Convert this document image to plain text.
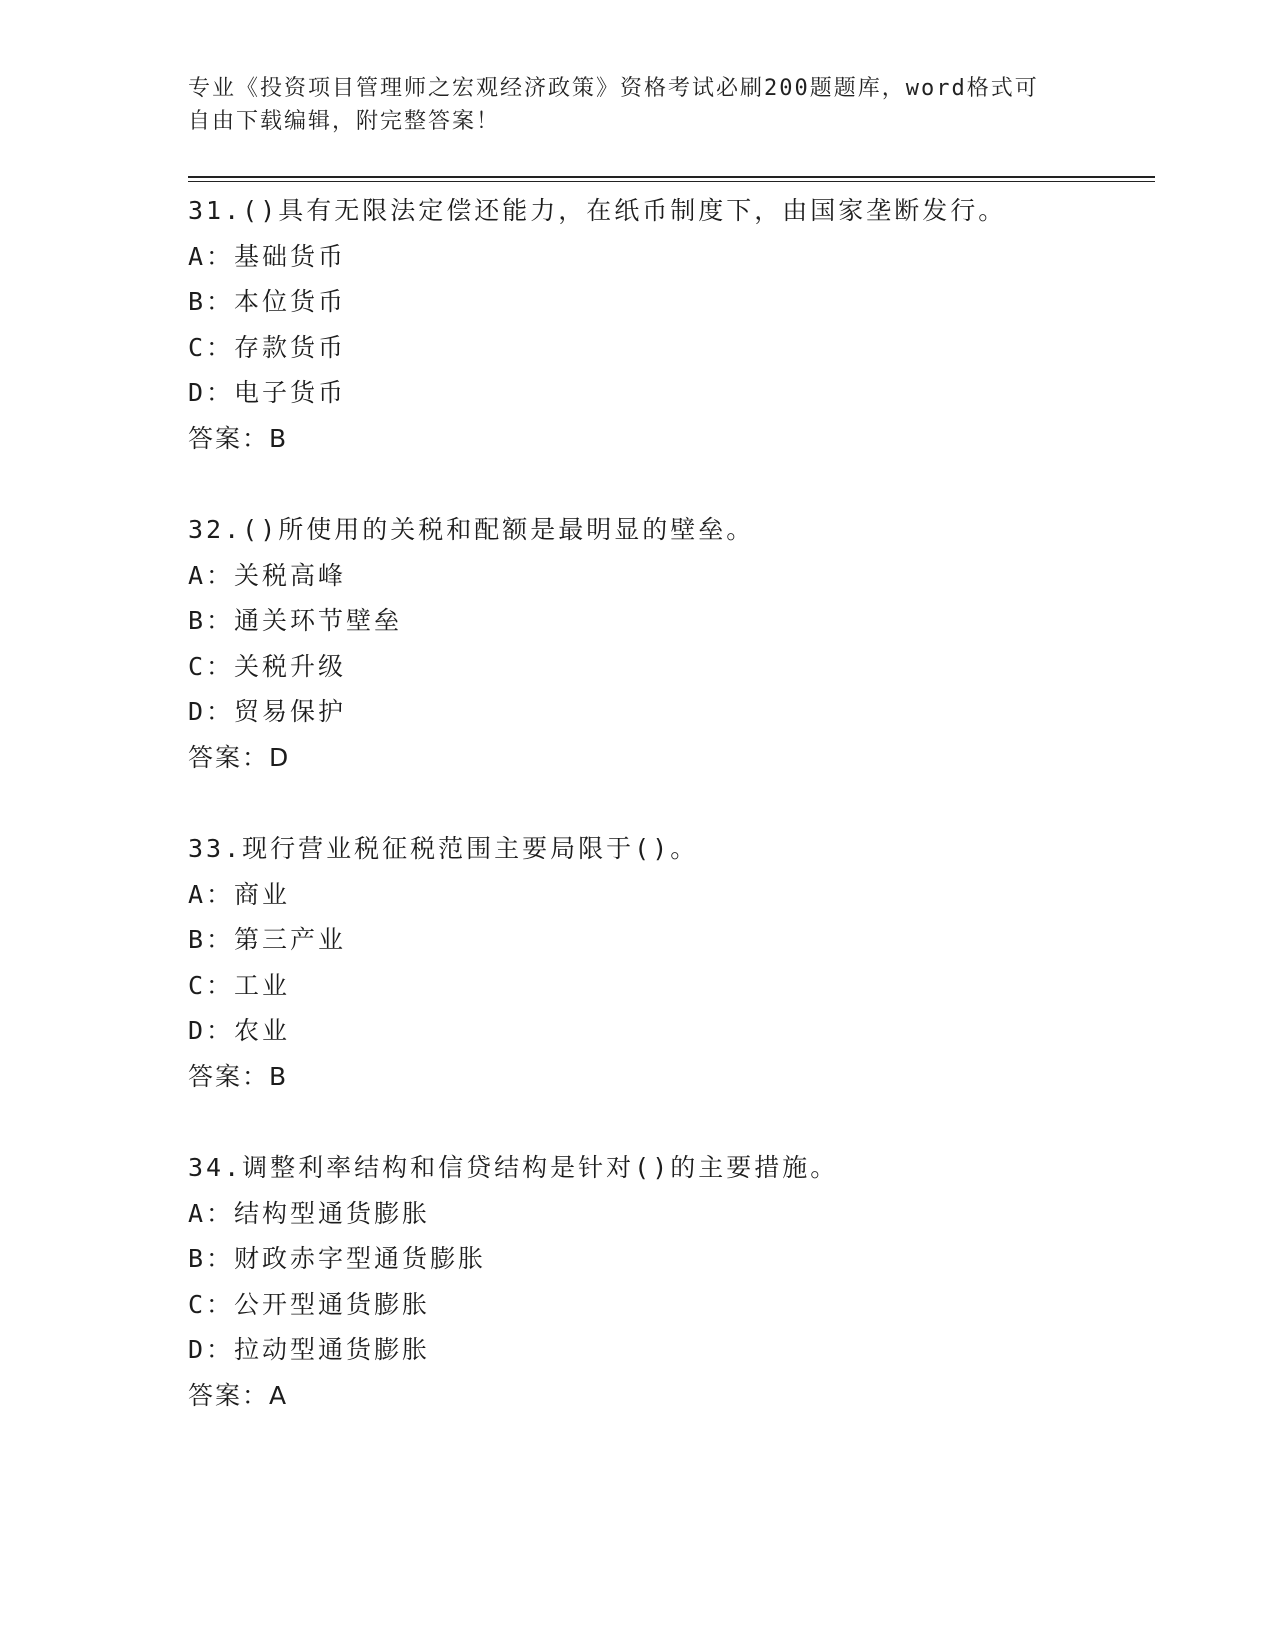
专业《投资项目管理师之宏观经济政策》资格考试必刷200题题库，word格式可
自由下载编辑，附完整答案！
31.()具有无限法定偿还能力，在纸币制度下，由国家垄断发行。
A：基础货币
B：本位货币
C：存款货币
D：电子货币
答案：B
32.()所使用的关税和配额是最明显的壁垒。
A：关税高峰
B：通关环节壁垒
C：关税升级
D：贸易保护
答案：D
33.现行营业税征税范围主要局限于()。
A：商业
B：第三产业
C：工业
D：农业
答案：B
34.调整利率结构和信贷结构是针对()的主要措施。
A：结构型通货膨胀
B：财政赤字型通货膨胀
C：公开型通货膨胀
D：拉动型通货膨胀
答案：A
